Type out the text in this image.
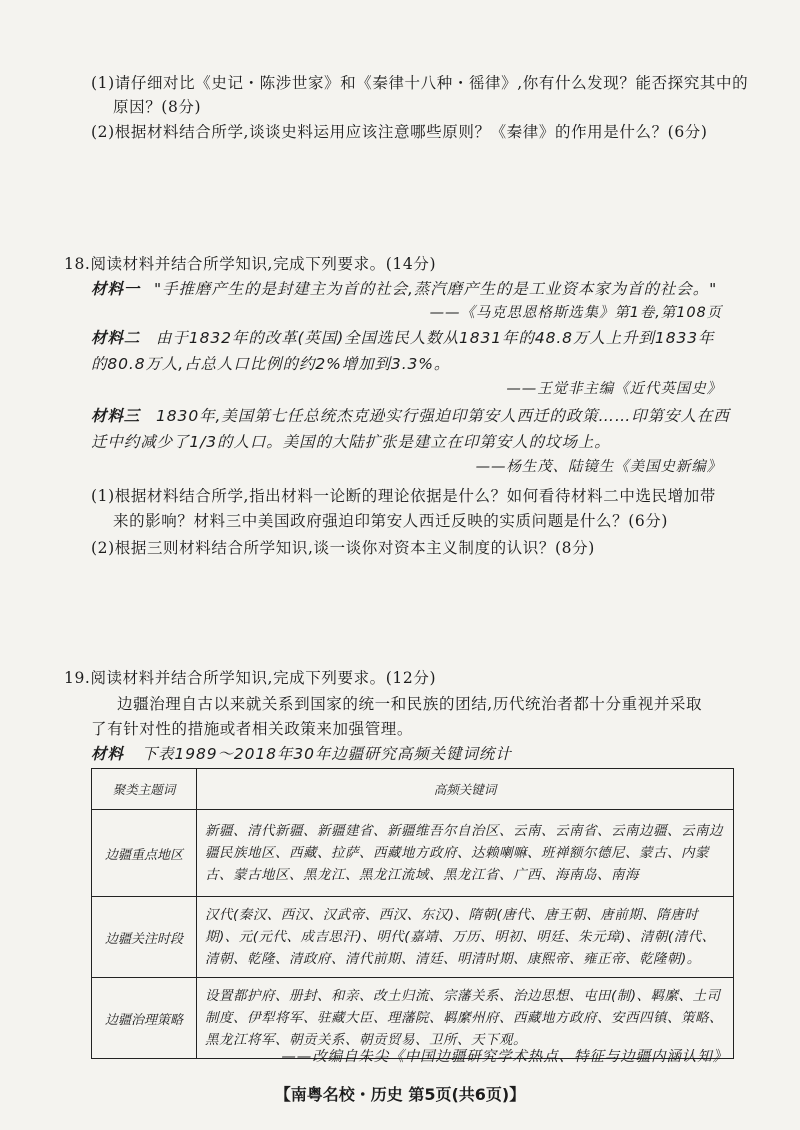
(1)请仔细对比《史记・陈涉世家》和《秦律十八种・徭律》,你有什么发现？能否探究其中的
原因？(8分)
(2)根据材料结合所学,谈谈史料运用应该注意哪些原则？《秦律》的作用是什么？(6分)
18.阅读材料并结合所学知识,完成下列要求。(14分)
材料一 "手推磨产生的是封建主为首的社会,蒸汽磨产生的是工业资本家为首的社会。"
——《马克思恩格斯选集》第1卷,第108页
材料二 由于1832年的改革(英国)全国选民人数从1831年的48.8万人上升到1833年
的80.8万人,占总人口比例的约2%增加到3.3%。
——王觉非主编《近代英国史》
材料三 1830年,美国第七任总统杰克逊实行强迫印第安人西迁的政策……印第安人在西
迁中约减少了1/3的人口。美国的大陆扩张是建立在印第安人的坟场上。
——杨生茂、陆镜生《美国史新编》
(1)根据材料结合所学,指出材料一论断的理论依据是什么？如何看待材料二中选民增加带
来的影响？材料三中美国政府强迫印第安人西迁反映的实质问题是什么？(6分)
(2)根据三则材料结合所学知识,谈一谈你对资本主义制度的认识？(8分)
19.阅读材料并结合所学知识,完成下列要求。(12分)
边疆治理自古以来就关系到国家的统一和民族的团结,历代统治者都十分重视并采取
了有针对性的措施或者相关政策来加强管理。
材料 下表1989～2018年30年边疆研究高频关键词统计
聚类主题词	高频关键词
边疆重点地区	新疆、清代新疆、新疆建省、新疆维吾尔自治区、云南、云南省、云南边疆、云南边疆民族地区、西藏、拉萨、西藏地方政府、达赖喇嘛、班禅额尔德尼、蒙古、内蒙古、蒙古地区、黑龙江、黑龙江流域、黑龙江省、广西、海南岛、南海
边疆关注时段	汉代(秦汉、西汉、汉武帝、西汉、东汉)、隋朝(唐代、唐王朝、唐前期、隋唐时期)、元(元代、成吉思汗)、明代(嘉靖、万历、明初、明廷、朱元璋)、清朝(清代、清朝、乾隆、清政府、清代前期、清廷、明清时期、康熙帝、雍正帝、乾隆朝)。
边疆治理策略	设置都护府、册封、和亲、改土归流、宗藩关系、治边思想、屯田(制)、羁縻、土司制度、伊犁将军、驻藏大臣、理藩院、羁縻州府、西藏地方政府、安西四镇、策略、黑龙江将军、朝贡关系、朝贡贸易、卫所、天下观。
——改编自朱尖《中国边疆研究学术热点、特征与边疆内涵认知》
【南粤名校・历史 第5页(共6页)】
